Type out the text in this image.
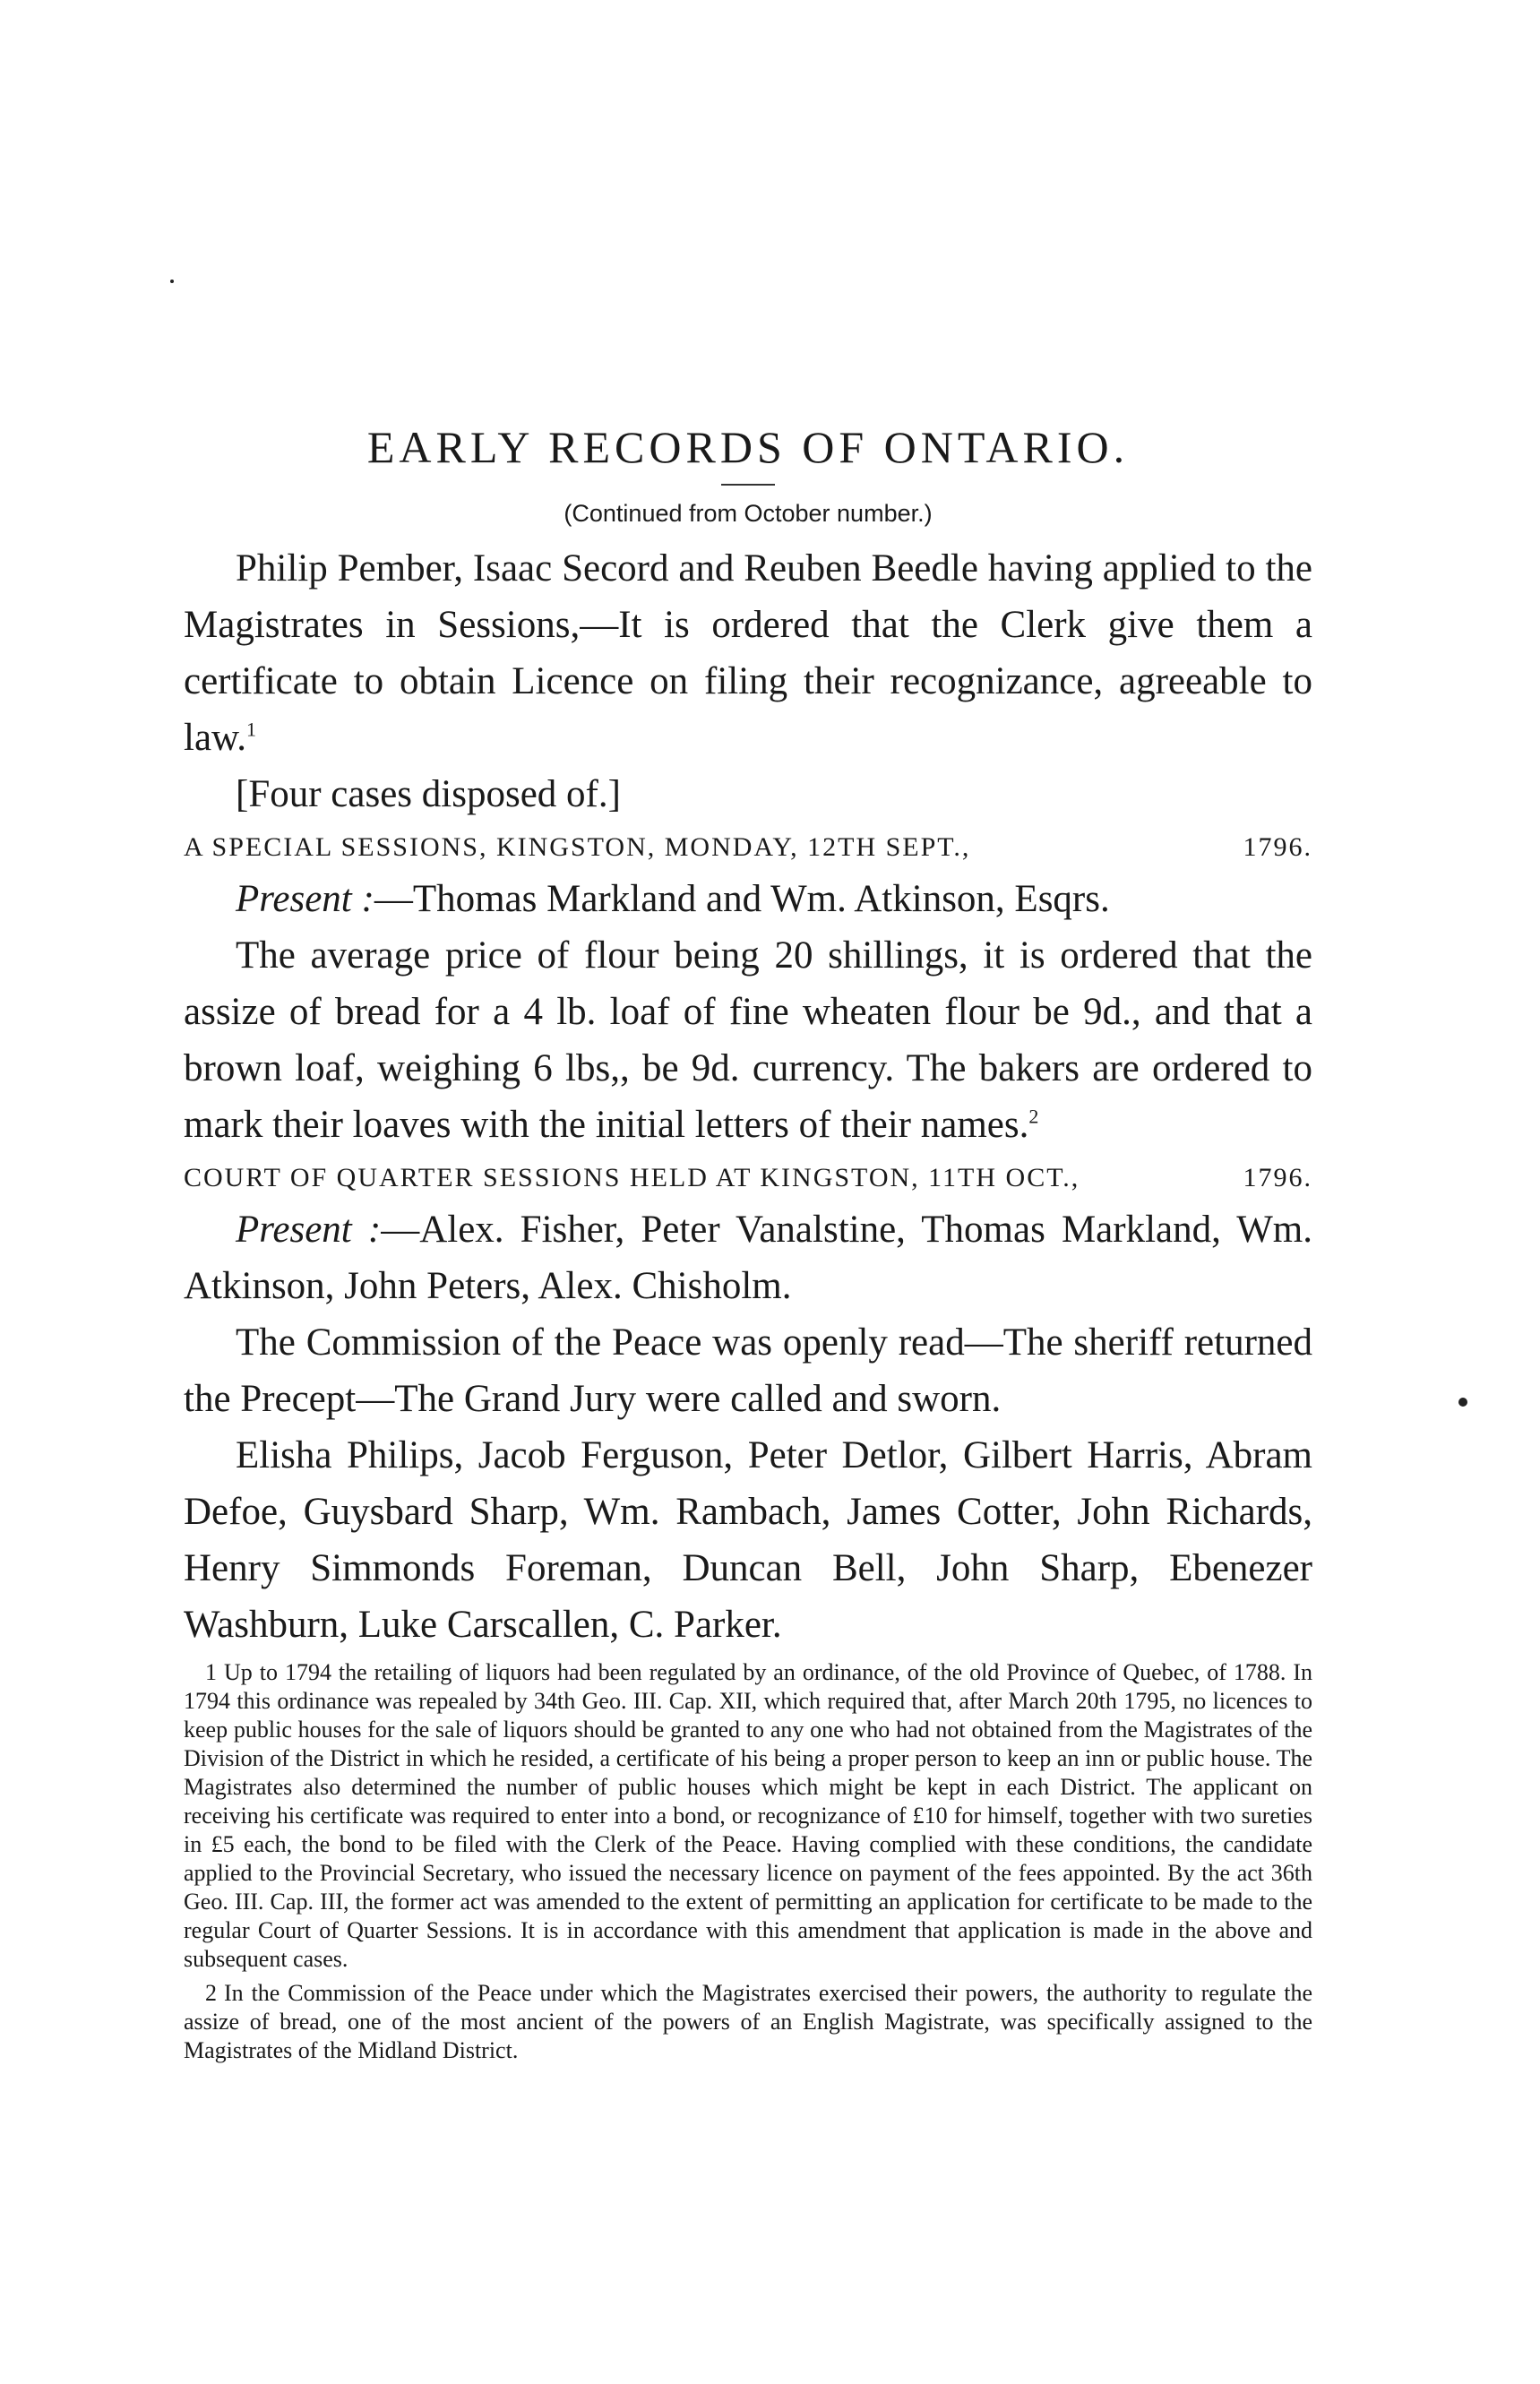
EARLY RECORDS OF ONTARIO.

(Continued from October number.)

Philip Pember, Isaac Secord and Reuben Beedle having applied to the Magistrates in Sessions,—It is ordered that the Clerk give them a certificate to obtain Licence on filing their recognizance, agreeable to law.$^1$

[Four cases disposed of.]

A SPECIAL SESSIONS, KINGSTON, MONDAY, 12TH SEPT.,	1796.

Present :—Thomas Markland and Wm. Atkinson, Esqrs.

The average price of flour being 20 shillings, it is ordered that the assize of bread for a 4 lb. loaf of fine wheaten flour be 9d., and that a brown loaf, weighing 6 lbs,, be 9d. currency. The bakers are ordered to mark their loaves with the initial letters of their names.$^2$

COURT OF QUARTER SESSIONS HELD AT KINGSTON, 11TH OCT.,	1796.

Present :—Alex. Fisher, Peter Vanalstine, Thomas Markland, Wm. Atkinson, John Peters, Alex. Chisholm.

The Commission of the Peace was openly read—The sheriff returned the Precept—The Grand Jury were called and sworn.

Elisha Philips, Jacob Ferguson, Peter Detlor, Gilbert Harris, Abram Defoe, Guysbard Sharp, Wm. Rambach, James Cotter, John Richards, Henry Simmonds Foreman, Duncan Bell, John Sharp, Ebenezer Washburn, Luke Carscallen, C. Parker.

1 Up to 1794 the retailing of liquors had been regulated by an ordinance, of the old Province of Quebec, of 1788. In 1794 this ordinance was repealed by 34th Geo. III. Cap. XII, which required that, after March 20th 1795, no licences to keep public houses for the sale of liquors should be granted to any one who had not obtained from the Magistrates of the Division of the District in which he resided, a certificate of his being a proper person to keep an inn or public house. The Magistrates also determined the number of public houses which might be kept in each District. The applicant on receiving his certificate was required to enter into a bond, or recognizance of £10 for himself, together with two sureties in £5 each, the bond to be filed with the Clerk of the Peace. Having complied with these conditions, the candidate applied to the Provincial Secretary, who issued the necessary licence on payment of the fees appointed. By the act 36th Geo. III. Cap. III, the former act was amended to the extent of permitting an application for certificate to be made to the regular Court of Quarter Sessions. It is in accordance with this amendment that application is made in the above and subsequent cases.

2 In the Commission of the Peace under which the Magistrates exercised their powers, the authority to regulate the assize of bread, one of the most ancient of the powers of an English Magistrate, was specifically assigned to the Magistrates of the Midland District.
